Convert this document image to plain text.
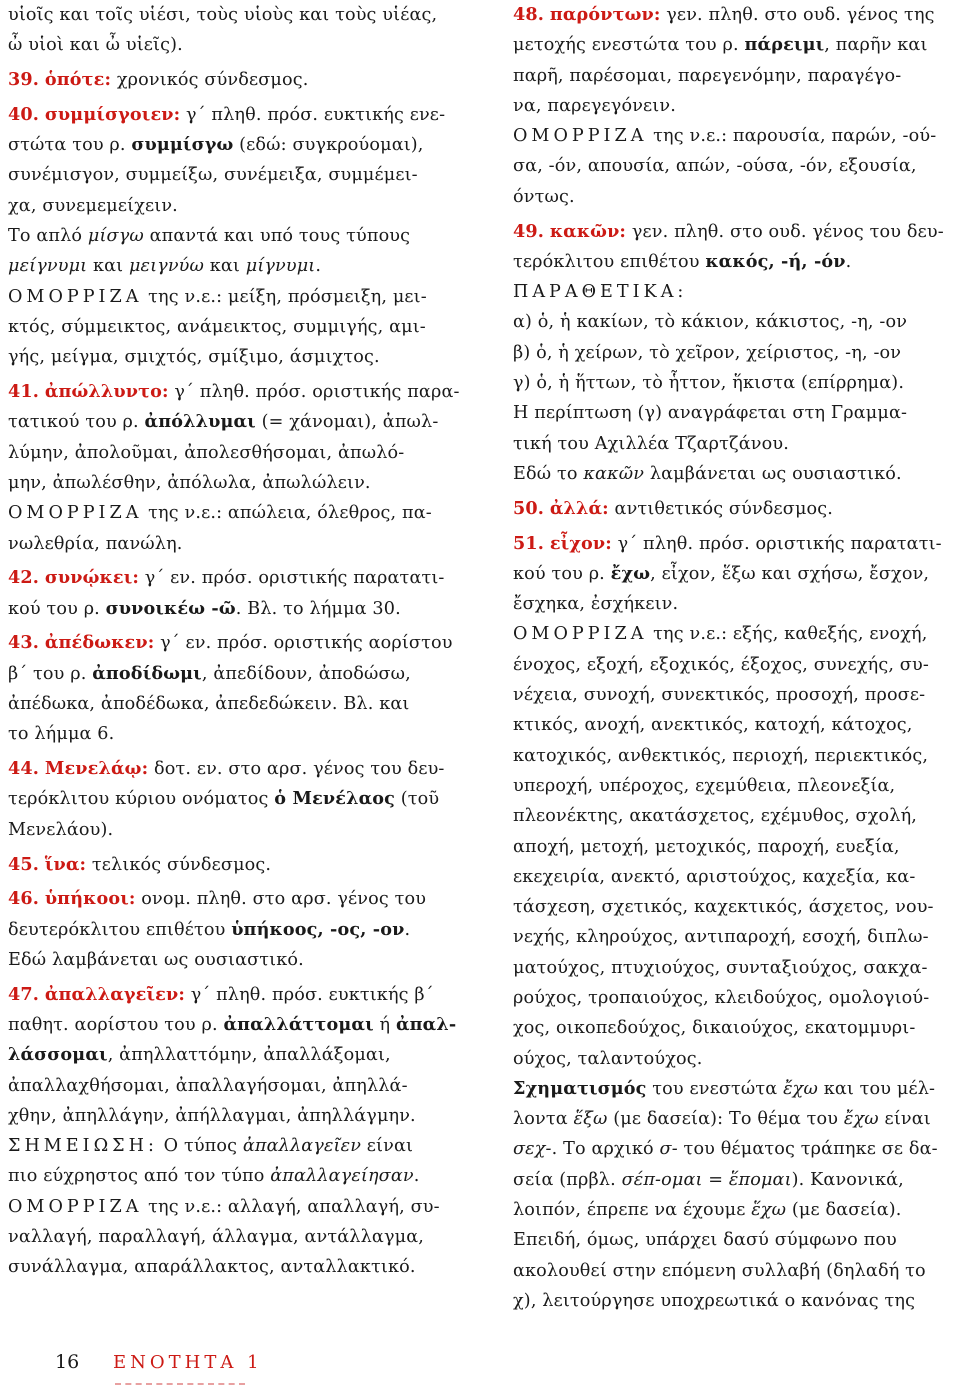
υἱοῖς και τοῖς υἱέσι, τοὺς υἱοὺς και τοὺς υἱέας,
ὦ υἱοὶ και ὦ υἱεῖς).
39. ὁπότε: χρονικός σύνδεσμος.
40. συμμίσγοιεν: γ΄ πληθ. πρόσ. ευκτικής ενε-
στώτα του ρ. συμμίσγω (εδώ: συγκρούομαι),
συνέμισγον, συμμείξω, συνέμειξα, συμμέμει-
χα, συνεμεμείχειν.
Το απλό μίσγω απαντά και υπό τους τύπους
μείγνυμι και μειγνύω και μίγνυμι.
ΟΜΟΡΡΙΖΑ της ν.ε.: μείξη, πρόσμειξη, μει-
κτός, σύμμεικτος, ανάμεικτος, συμμιγής, αμι-
γής, μείγμα, σμιχτός, σμίξιμο, άσμιχτος.
41. ἀπώλλυντο: γ΄ πληθ. πρόσ. οριστικής παρα-
τατικού του ρ. ἀπόλλυμαι (= χάνομαι), ἀπωλ-
λύμην, ἀπολοῦμαι, ἀπολεσθήσομαι, ἀπωλό-
μην, ἀπωλέσθην, ἀπόλωλα, ἀπωλώλειν.
ΟΜΟΡΡΙΖΑ της ν.ε.: απώλεια, όλεθρος, πα-
νωλεθρία, πανώλη.
42. συνῴκει: γ΄ εν. πρόσ. οριστικής παρατατι-
κού του ρ. συνοικέω -ῶ. Βλ. το λήμμα 30.
43. ἀπέδωκεν: γ΄ εν. πρόσ. οριστικής αορίστου
β΄ του ρ. ἀποδίδωμι, ἀπεδίδουν, ἀποδώσω,
ἀπέδωκα, ἀποδέδωκα, ἀπεδεδώκειν. Βλ. και
το λήμμα 6.
44. Μενελάῳ: δοτ. εν. στο αρσ. γένος του δευ-
τερόκλιτου κύριου ονόματος ὁ Μενέλαος (τοῦ
Μενελάου).
45. ἵνα: τελικός σύνδεσμος.
46. ὑπήκοοι: ονομ. πληθ. στο αρσ. γένος του
δευτερόκλιτου επιθέτου ὑπήκοος, -ος, -ον.
Εδώ λαμβάνεται ως ουσιαστικό.
47. ἀπαλλαγεῖεν: γ΄ πληθ. πρόσ. ευκτικής β΄
παθητ. αορίστου του ρ. ἀπαλλάττομαι ή ἀπαλ-
λάσσομαι, ἀπηλλαττόμην, ἀπαλλάξομαι,
ἀπαλλαχθήσομαι, ἀπαλλαγήσομαι, ἀπηλλά-
χθην, ἀπηλλάγην, ἀπήλλαγμαι, ἀπηλλάγμην.
ΣΗΜΕΙΩΣΗ: Ο τύπος ἀπαλλαγεῖεν είναι
πιο εύχρηστος από τον τύπο ἀπαλλαγείησαν.
ΟΜΟΡΡΙΖΑ της ν.ε.: αλλαγή, απαλλαγή, συ-
ναλλαγή, παραλλαγή, άλλαγμα, αντάλλαγμα,
συνάλλαγμα, απαράλλακτος, ανταλλακτικό.
48. παρόντων: γεν. πληθ. στο ουδ. γένος της
μετοχής ενεστώτα του ρ. πάρειμι, παρῆν και
παρῆ, παρέσομαι, παρεγενόμην, παραγέγο-
να, παρεγεγόνειν.
ΟΜΟΡΡΙΖΑ της ν.ε.: παρουσία, παρών, -ού-
σα, -όν, απουσία, απών, -ούσα, -όν, εξουσία,
όντως.
49. κακῶν: γεν. πληθ. στο ουδ. γένος του δευ-
τερόκλιτου επιθέτου κακός, -ή, -όν.
ΠΑΡΑΘΕΤΙΚΑ:
α) ὁ, ἡ κακίων, τὸ κάκιον, κάκιστος, -η, -ον
β) ὁ, ἡ χείρων, τὸ χεῖρον, χείριστος, -η, -ον
γ) ὁ, ἡ ἥττων, τὸ ἧττον, ἥκιστα (επίρρημα).
Η περίπτωση (γ) αναγράφεται στη Γραμμα-
τική του Αχιλλέα Τζαρτζάνου.
Εδώ το κακῶν λαμβάνεται ως ουσιαστικό.
50. ἀλλά: αντιθετικός σύνδεσμος.
51. εἶχον: γ΄ πληθ. πρόσ. οριστικής παρατατι-
κού του ρ. ἔχω, εἶχον, ἕξω και σχήσω, ἔσχον,
ἔσχηκα, ἐσχήκειν.
ΟΜΟΡΡΙΖΑ της ν.ε.: εξής, καθεξής, ενοχή,
ένοχος, εξοχή, εξοχικός, έξοχος, συνεχής, συ-
νέχεια, συνοχή, συνεκτικός, προσοχή, προσε-
κτικός, ανοχή, ανεκτικός, κατοχή, κάτοχος,
κατοχικός, ανθεκτικός, περιοχή, περιεκτικός,
υπεροχή, υπέροχος, εχεμύθεια, πλεονεξία,
πλεονέκτης, ακατάσχετος, εχέμυθος, σχολή,
αποχή, μετοχή, μετοχικός, παροχή, ευεξία,
εκεχειρία, ανεκτό, αριστούχος, καχεξία, κα-
τάσχεση, σχετικός, καχεκτικός, άσχετος, νου-
νεχής, κληρούχος, αντιπαροχή, εσοχή, διπλω-
ματούχος, πτυχιούχος, συνταξιούχος, σακχα-
ρούχος, τροπαιούχος, κλειδούχος, ομολογιού-
χος, οικοπεδούχος, δικαιούχος, εκατομμυρι-
ούχος, ταλαντούχος.
Σχηματισμός του ενεστώτα ἔχω και του μέλ-
λοντα ἕξω (με δασεία): Το θέμα του ἔχω είναι
σεχ-. Το αρχικό σ- του θέματος τράπηκε σε δα-
σεία (πρβλ. σέπ-ομαι = ἕπομαι). Κανονικά,
λοιπόν, έπρεπε να έχουμε ἕχω (με δασεία).
Επειδή, όμως, υπάρχει δασύ σύμφωνο που
ακολουθεί στην επόμενη συλλαβή (δηλαδή το
χ), λειτούργησε υποχρεωτικά ο κανόνας της
16 ΕΝΟΤΗΤΑ 1
